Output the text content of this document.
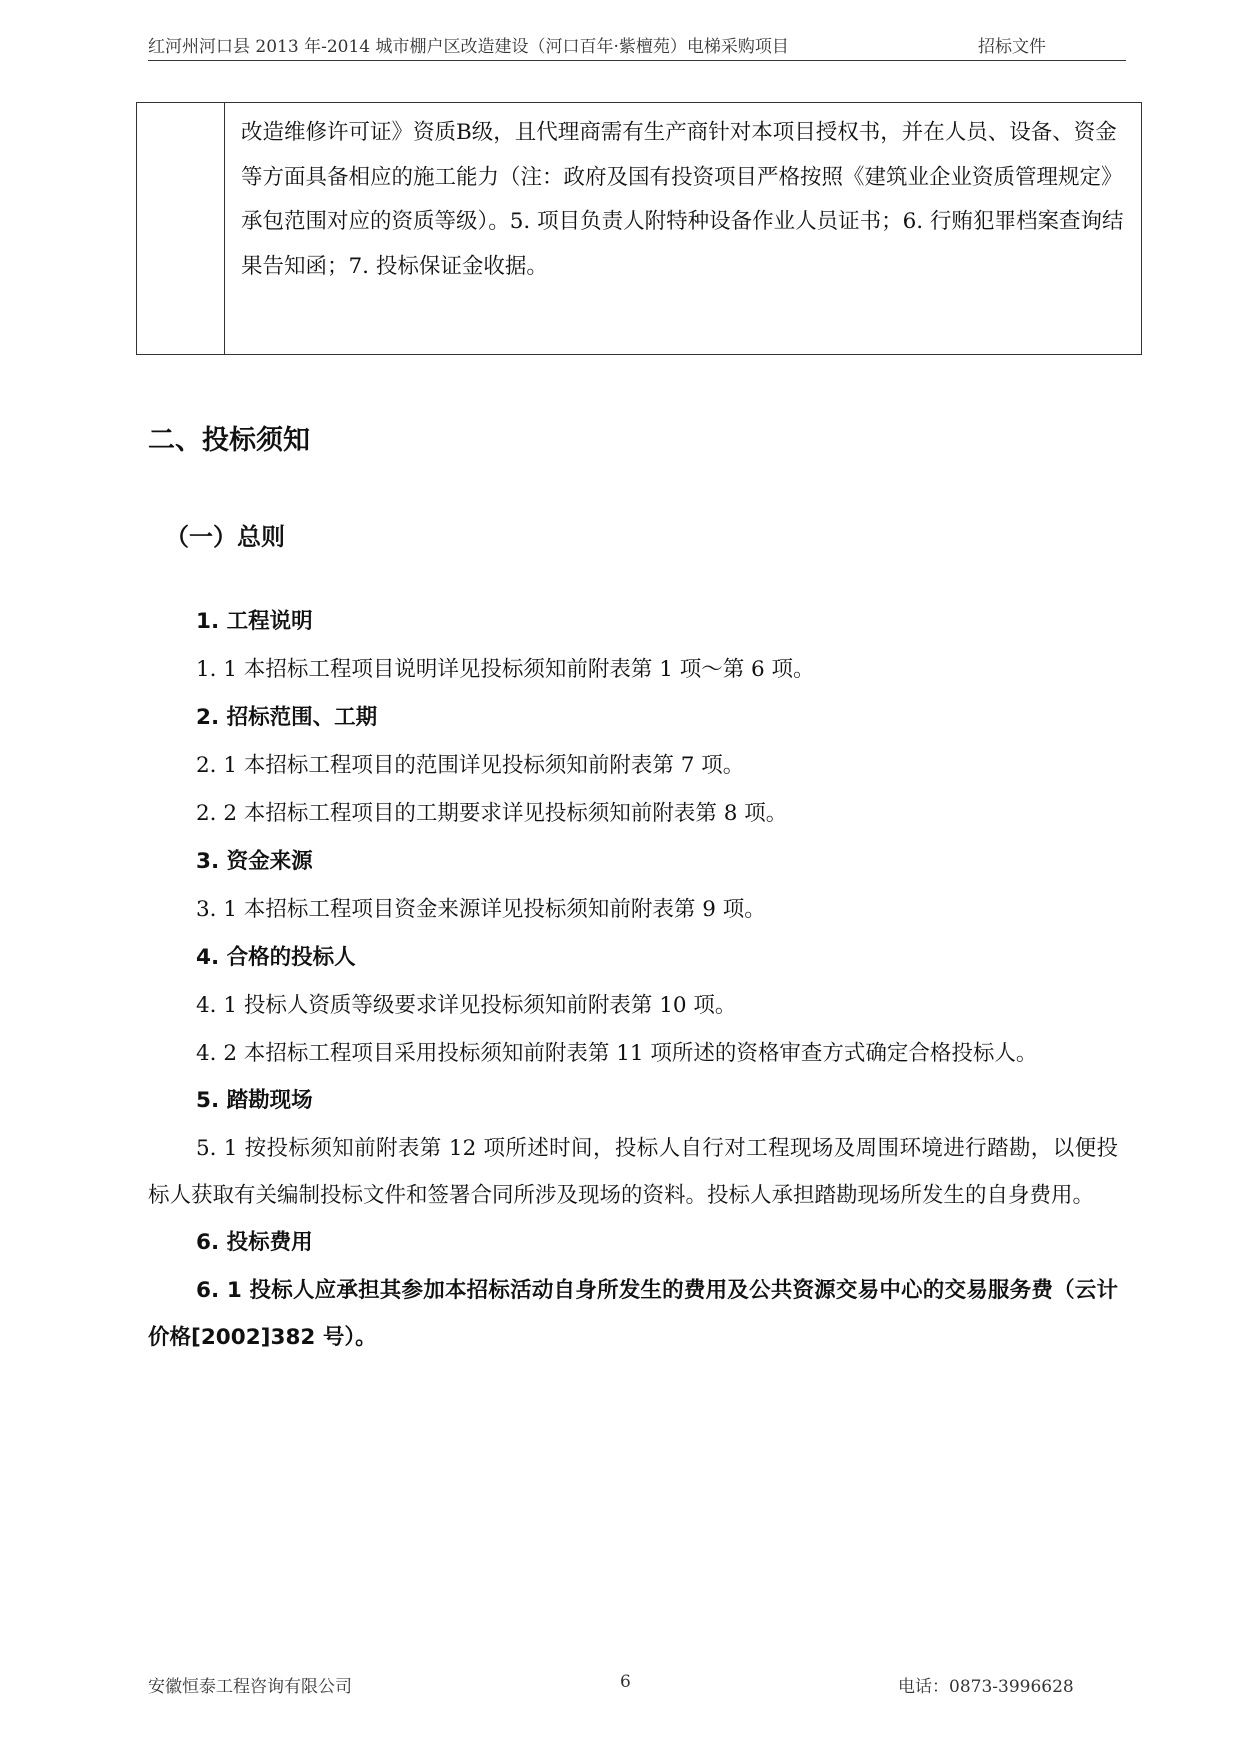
红河州河口县 2013 年-2014 城市棚户区改造建设（河口百年·紫檀苑）电梯采购项目	招标文件
改造维修许可证》资质B级，且代理商需有生产商针对本项目授权书，并在人员、设备、资金等方面具备相应的施工能力（注：政府及国有投资项目严格按照《建筑业企业资质管理规定》承包范围对应的资质等级）。5. 项目负责人附特种设备作业人员证书；6. 行贿犯罪档案查询结果告知函；7. 投标保证金收据。
二、投标须知
（一）总则
1. 工程说明
1. 1 本招标工程项目说明详见投标须知前附表第 1 项～第 6 项。
2. 招标范围、工期
2. 1 本招标工程项目的范围详见投标须知前附表第 7 项。
2. 2 本招标工程项目的工期要求详见投标须知前附表第 8 项。
3. 资金来源
3. 1 本招标工程项目资金来源详见投标须知前附表第 9 项。
4. 合格的投标人
4. 1 投标人资质等级要求详见投标须知前附表第 10 项。
4. 2 本招标工程项目采用投标须知前附表第 11 项所述的资格审查方式确定合格投标人。
5. 踏勘现场
5. 1 按投标须知前附表第 12 项所述时间，投标人自行对工程现场及周围环境进行踏勘，以便投标人获取有关编制投标文件和签署合同所涉及现场的资料。投标人承担踏勘现场所发生的自身费用。
6. 投标费用
6. 1 投标人应承担其参加本招标活动自身所发生的费用及公共资源交易中心的交易服务费（云计价格[2002]382 号）。
安徽恒泰工程咨询有限公司	6	电话：0873-3996628
